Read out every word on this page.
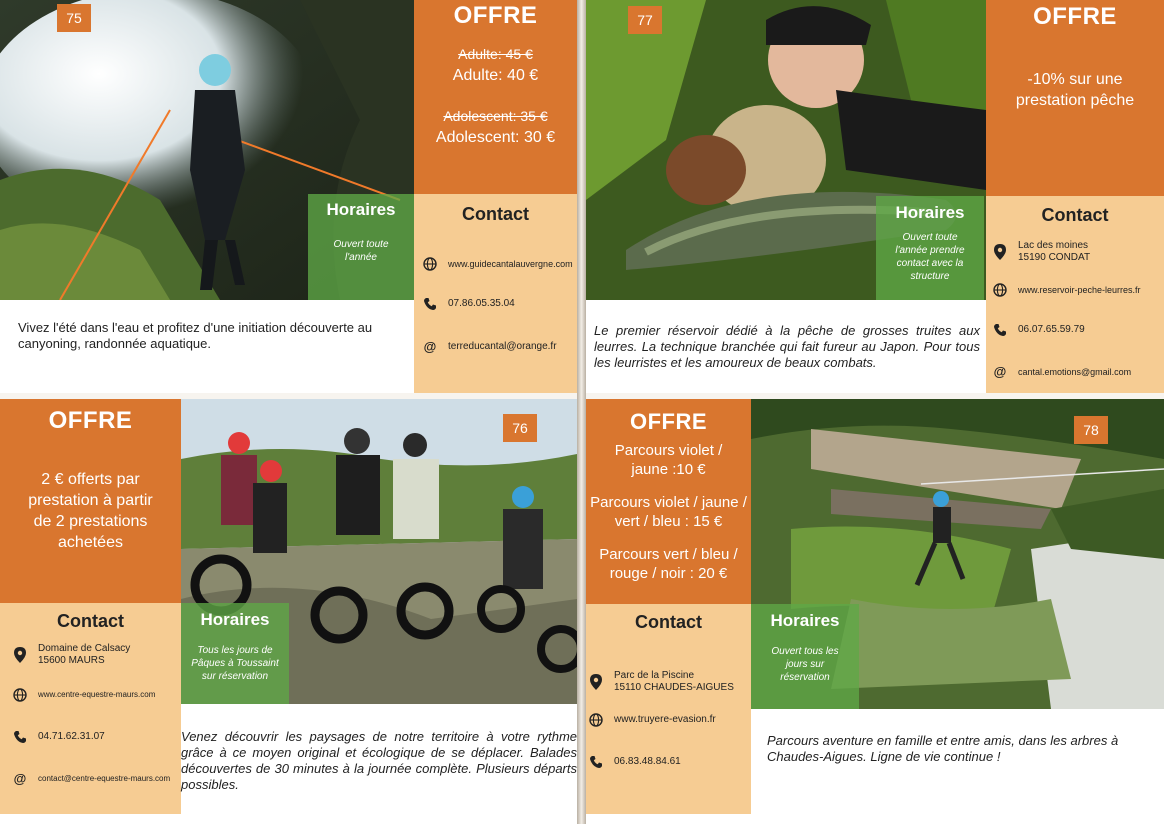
75
Horaires
Ouvert toute l'année
TERRE DU CANTAL
Vivez l'été dans l'eau et profitez d'une initiation découverte au canyoning, randonnée aquatique.
OFFRE
Adulte: 45 €
Adulte: 40 €
Adolescent: 35 €
Adolescent: 30 €
Contact
www.guidecantalauvergne.com
07.86.05.35.04
@ terreducantal@orange.fr
77
Horaires
Ouvert toute l'année prendre contact avec la structure
TRUITE ARÉA
Le premier réservoir dédié à la pêche de grosses truites aux leurres. La technique branchée qui fait fureur au Japon. Pour tous les leurristes et les amoureux de beaux combats.
OFFRE
-10% sur une prestation pêche
Contact
Lac des moines
15190 CONDAT
www.reservoir-peche-leurres.fr
06.07.65.59.79
@ cantal.emotions@gmail.com
OFFRE
2 € offerts par prestation à partir de 2 prestations achetées
Contact
Domaine de Calsacy
15600 MAURS
www.centre-equestre-maurs.com
04.71.62.31.07
@ contact@centre-equestre-maurs.com
76
Horaires
Tous les jours de Pâques à Toussaint sur réservation
TROTTINETTES ÉLECTRIQUES
Venez découvrir les paysages de notre territoire à votre rythme grâce à ce moyen original et écologique de se déplacer. Balades découvertes de 30 minutes à la journée complète. Plusieurs départs possibles.
OFFRE
Parcours violet / jaune :10 €
Parcours violet / jaune / vert / bleu : 15 €
Parcours vert / bleu / rouge / noir : 20 €
Contact
Parc de la Piscine
15110 CHAUDES-AIGUES
www.truyere-evasion.fr
06.83.48.84.61
78
Horaires
Ouvert tous les jours sur réservation
TRUYÈRE EVASION
Parcours aventure en famille et entre amis, dans les arbres à Chaudes-Aigues. Ligne de vie continue !
